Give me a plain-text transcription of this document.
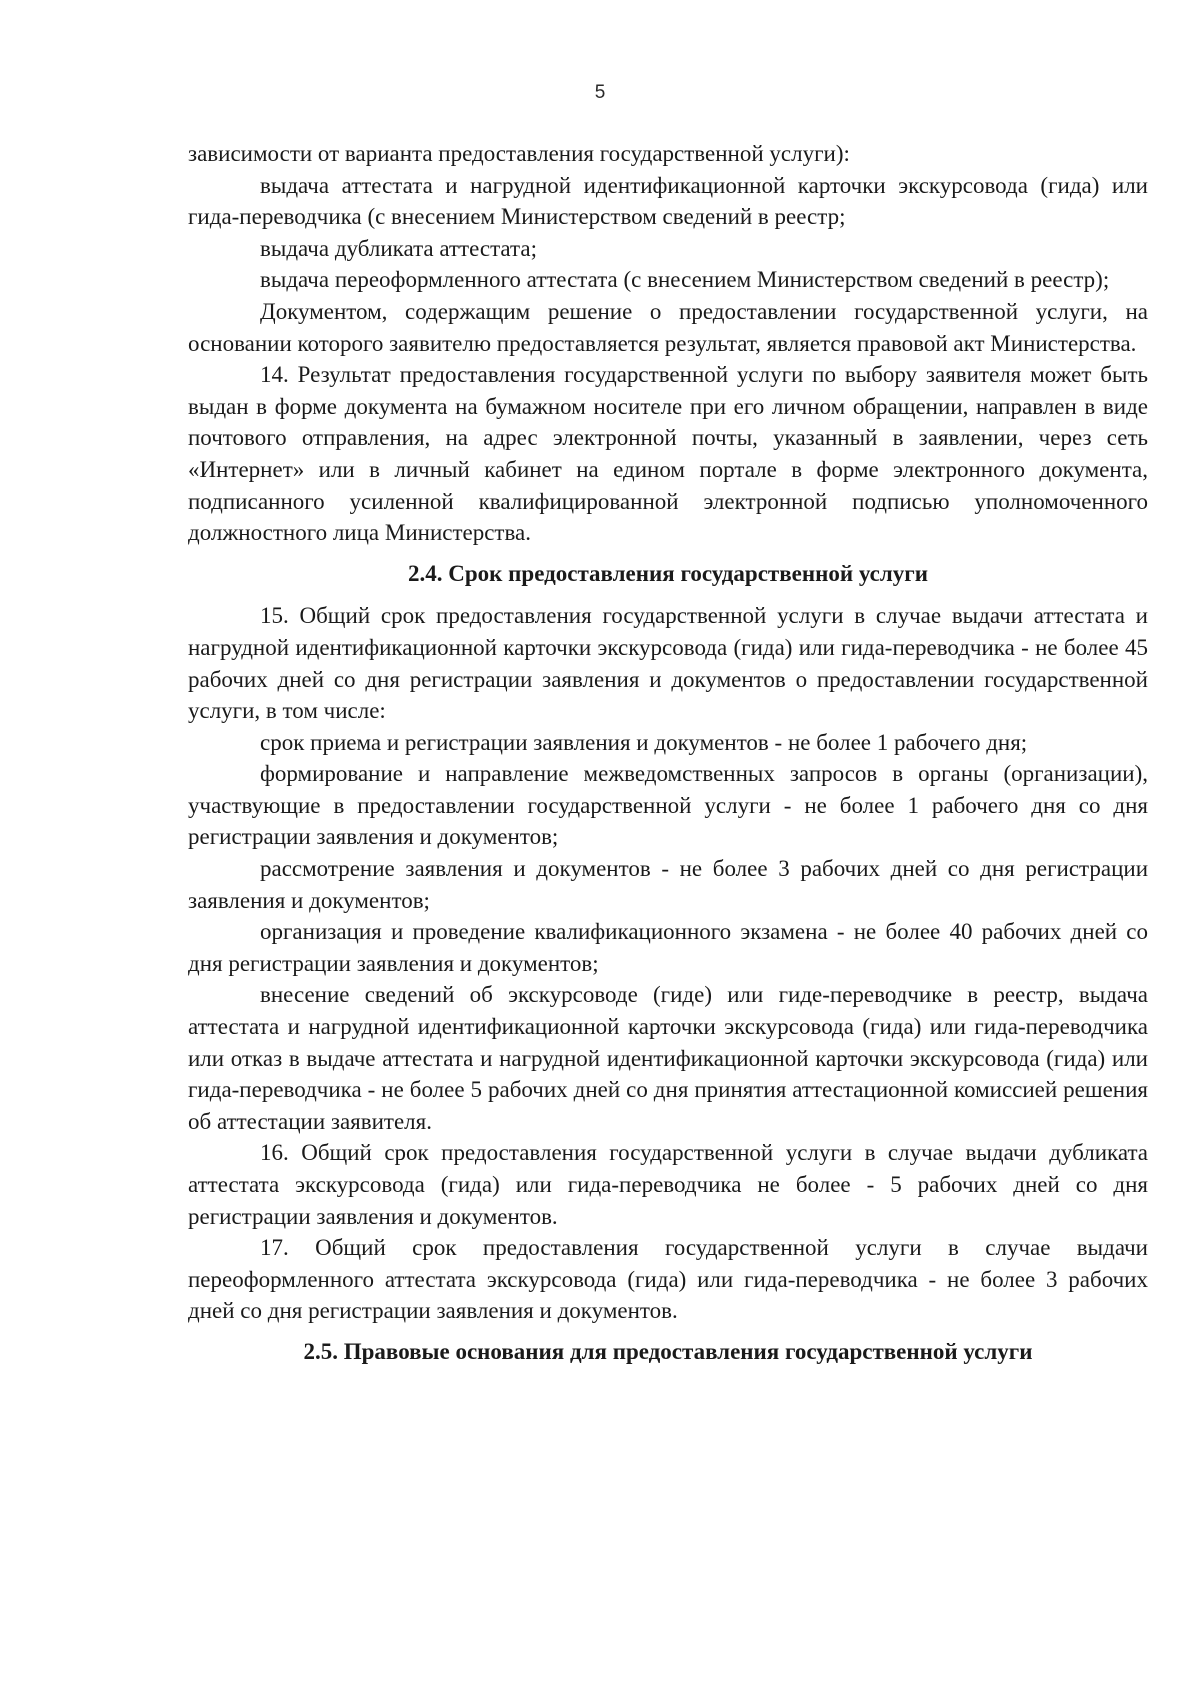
5

зависимости от варианта предоставления государственной услуги):

выдача аттестата и нагрудной идентификационной карточки экскурсовода (гида) или гида-переводчика (с внесением Министерством сведений в реестр;

выдача дубликата аттестата;

выдача переоформленного аттестата (с внесением Министерством сведений в реестр);

Документом, содержащим решение о предоставлении государственной услуги, на основании которого заявителю предоставляется результат, является правовой акт Министерства.

14. Результат предоставления государственной услуги по выбору заявителя может быть выдан в форме документа на бумажном носителе при его личном обращении, направлен в виде почтового отправления, на адрес электронной почты, указанный в заявлении, через сеть «Интернет» или в личный кабинет на едином портале в форме электронного документа, подписанного усиленной квалифицированной электронной подписью уполномоченного должностного лица Министерства.

2.4. Срок предоставления государственной услуги

15. Общий срок предоставления государственной услуги в случае выдачи аттестата и нагрудной идентификационной карточки экскурсовода (гида) или гида-переводчика - не более 45 рабочих дней со дня регистрации заявления и документов о предоставлении государственной услуги, в том числе:

срок приема и регистрации заявления и документов - не более 1 рабочего дня;

формирование и направление межведомственных запросов в органы (организации), участвующие в предоставлении государственной услуги - не более 1 рабочего дня со дня регистрации заявления и документов;

рассмотрение заявления и документов - не более 3 рабочих дней со дня регистрации заявления и документов;

организация и проведение квалификационного экзамена - не более 40 рабочих дней со дня регистрации заявления и документов;

внесение сведений об экскурсоводе (гиде) или гиде-переводчике в реестр, выдача аттестата и нагрудной идентификационной карточки экскурсовода (гида) или гида-переводчика или отказ в выдаче аттестата и нагрудной идентификационной карточки экскурсовода (гида) или гида-переводчика - не более 5 рабочих дней со дня принятия аттестационной комиссией решения об аттестации заявителя.

16. Общий срок предоставления государственной услуги в случае выдачи дубликата аттестата экскурсовода (гида) или гида-переводчика не более - 5 рабочих дней со дня регистрации заявления и документов.

17. Общий срок предоставления государственной услуги в случае выдачи переоформленного аттестата экскурсовода (гида) или гида-переводчика - не более 3 рабочих дней со дня регистрации заявления и документов.

2.5. Правовые основания для предоставления государственной услуги
